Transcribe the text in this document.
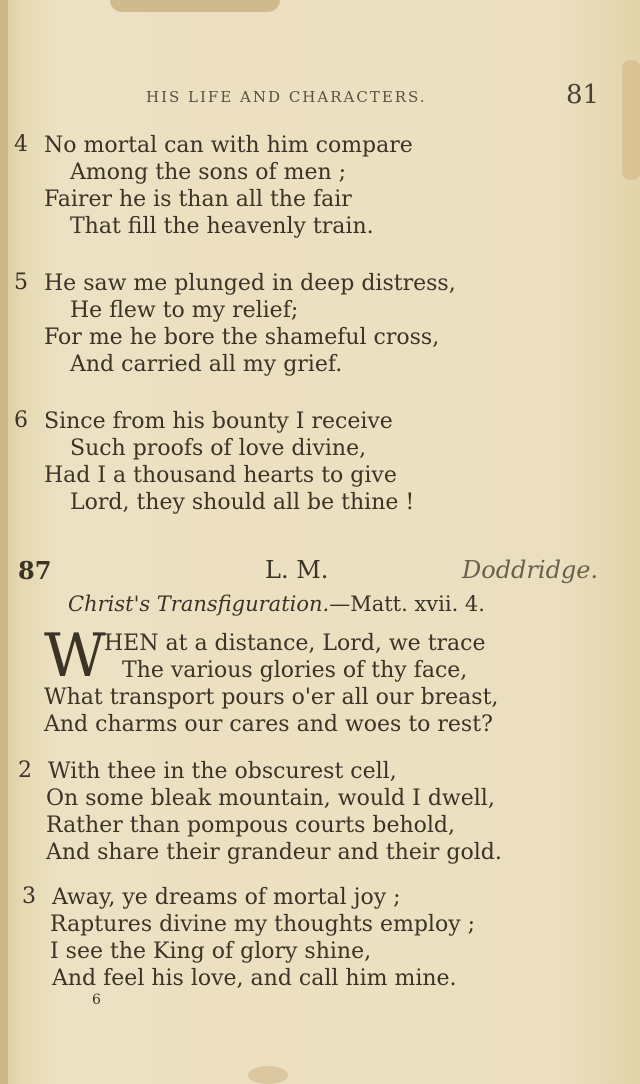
HIS LIFE AND CHARACTERS.	81
4 No mortal can with him compare
Among the sons of men ;
Fairer he is than all the fair
That fill the heavenly train.
5 He saw me plunged in deep distress,
He flew to my relief;
For me he bore the shameful cross,
And carried all my grief.
6 Since from his bounty I receive
Such proofs of love divine,
Had I a thousand hearts to give
Lord, they should all be thine !
87	L. M.	Doddridge.
Christ's Transfiguration.—Matt. xvii. 4.
W
HEN at a distance, Lord, we trace
The various glories of thy face,
What transport pours o'er all our breast,
And charms our cares and woes to rest?
2 With thee in the obscurest cell,
On some bleak mountain, would I dwell,
Rather than pompous courts behold,
And share their grandeur and their gold.
3 Away, ye dreams of mortal joy ;
Raptures divine my thoughts employ ;
I see the King of glory shine,
And feel his love, and call him mine.
6
